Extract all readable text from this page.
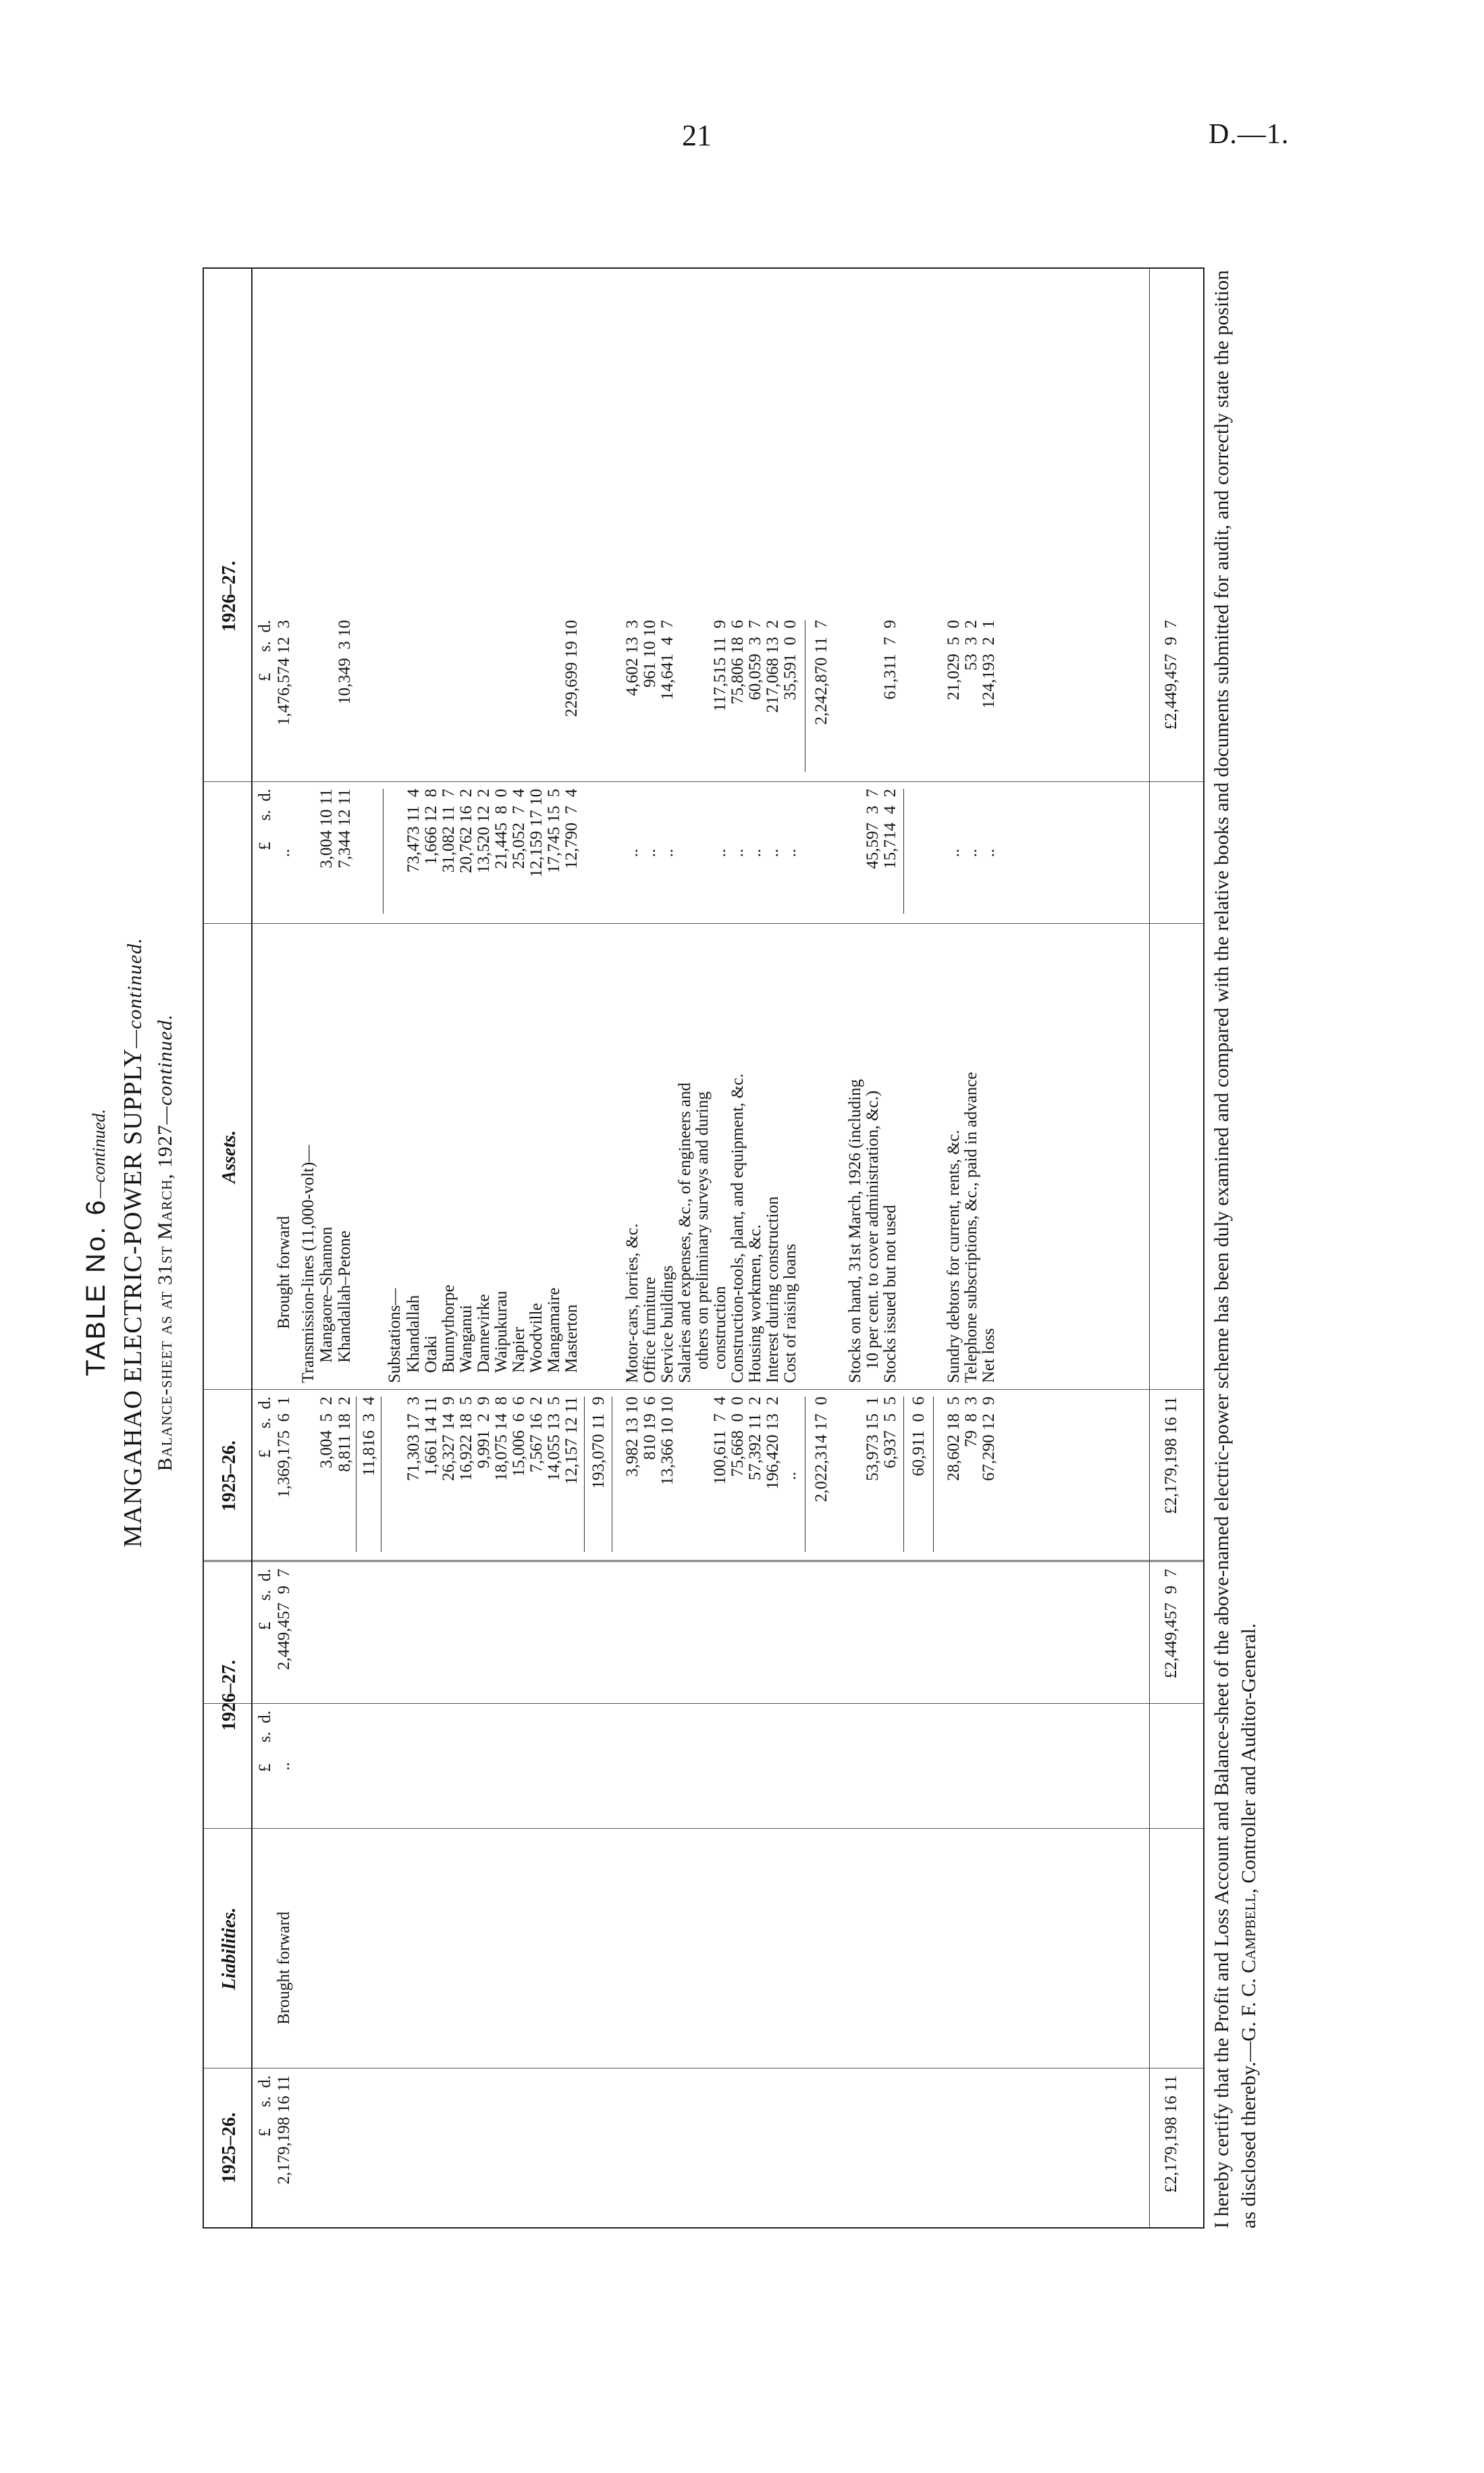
21	D.—1.
TABLE No. 6—continued. MANGAHAO ELECTRIC-POWER SUPPLY—continued.
Balance-sheet as at 31st March, 1927—continued.
1925–26.
Liabilities.
1926–27.
1925–26.
Assets.
1926–27.
£     s.  d.
£     s.  d.
£     s.  d.
£     s.  d.
£     s.  d.
£     s.  d.
2,179,198 16 11
Brought forward
..
2,449,457  9  7
1,369,175  6  1
Brought forward
..
1,476,574 12  3
Transmission-lines (11,000-volt)— Mangaore–Shannon
3,004  5  2
3,004 10 11
Khandallah–Petone
8,811 18  2
7,344 12 11
11,816  3  4
10,349  3 10
Substations— Khandallah
71,303 17  3
73,473 11  4
Otaki
1,661 14 11
1,666 12  8
Bunnythorpe
26,327 14  9
31,082 11  7
Wanganui
16,922 18  5
20,762 16  2
Dannevirke
9,991  2  9
13,520 12  2
Waipukurau
18,075 14  8
21,445  8  0
Napier
15,006  6  6
25,052  7  4
Woodville
7,567 16  2
12,159 17 10
Mangamaire
14,055 13  5
17,745 15  5
Masterton
12,157 12 11
12,790  7  4
193,070 11  9
229,699 19 10
Motor-cars, lorries, &c.
3,982 13 10
..
4,602 13  3
Office furniture
810 19  6
..
961 10 10
Service buildings
13,366 10 10
..
14,641  4  7
Salaries and expenses, &c., of engineers and others on preliminary surveys and during construction
100,611  7  4
..
117,515 11  9
Construction-tools, plant, and equipment, &c.
75,668  0  0
..
75,806 18  6
Housing workmen, &c.
57,392 11  2
..
60,059  3  7
Interest during construction
196,420 13  2
..
217,068 13  2
Cost of raising loans
..
..
35,591  0  0
2,022,314 17  0
2,242,870 11  7
Stocks on hand, 31st March, 1926 (including 10 per cent. to cover administration, &c.)
53,973 15  1
45,597  3  7
Stocks issued but not used
6,937  5  5
15,714  4  2
60,911  0  6
61,311  7  9
Sundry debtors for current, rents, &c.
28,602 18  5
..
21,029  5  0
Telephone subscriptions, &c., paid in advance
79  8  3
..
53  3  2
Net loss
67,290 12  9
..
124,193  2  1
£2,179,198 16 11
£2,449,457  9  7
£2,179,198 16 11
£2,449,457  9  7 I hereby certify that the Profit and Loss Account and Balance-sheet of the above-named electric-power scheme has been duly examined and compared with the relative books and documents submitted for audit, and correctly state the position as disclosed thereby.—G. F. C. Campbell, Controller and Auditor-General.
